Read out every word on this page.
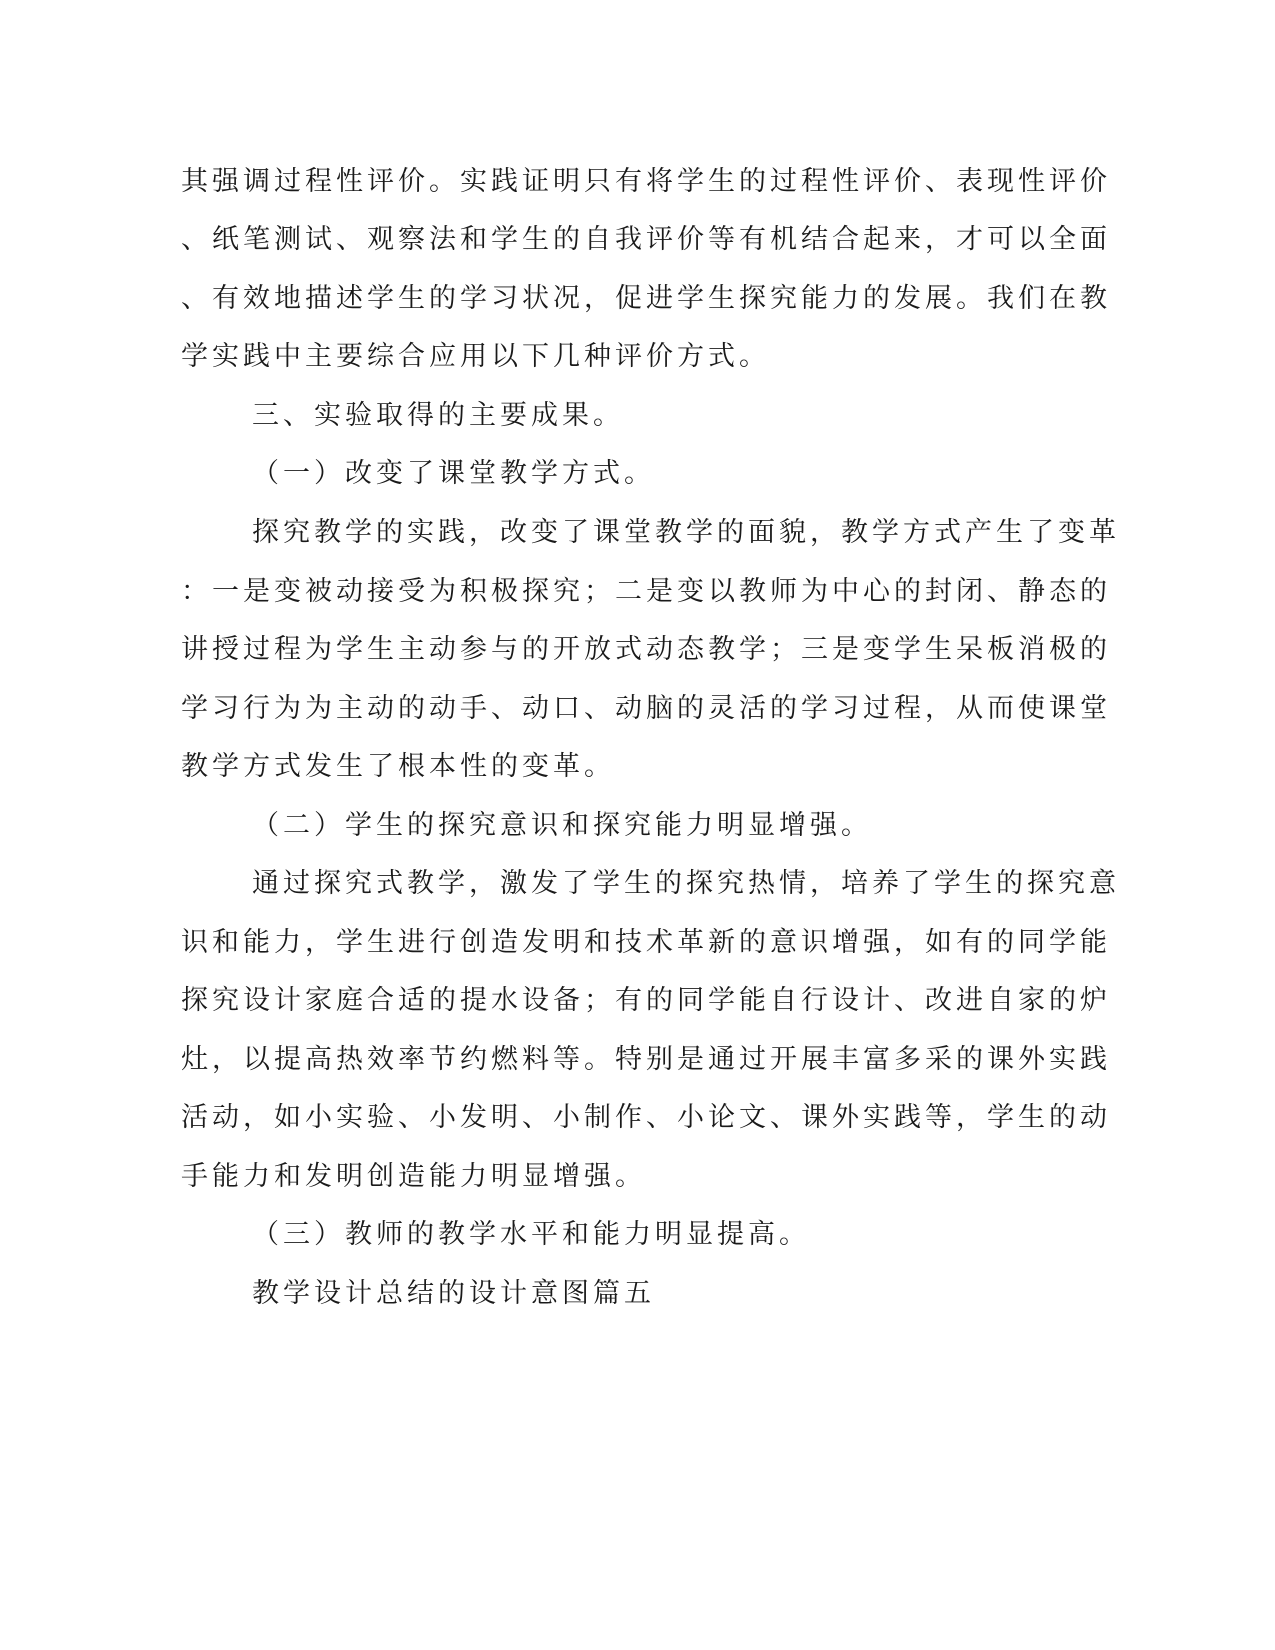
其强调过程性评价。实践证明只有将学生的过程性评价、表现性评价
、纸笔测试、观察法和学生的自我评价等有机结合起来，才可以全面
、有效地描述学生的学习状况，促进学生探究能力的发展。我们在教
学实践中主要综合应用以下几种评价方式。
三、实验取得的主要成果。
（一）改变了课堂教学方式。
探究教学的实践，改变了课堂教学的面貌，教学方式产生了变革
：一是变被动接受为积极探究；二是变以教师为中心的封闭、静态的
讲授过程为学生主动参与的开放式动态教学；三是变学生呆板消极的
学习行为为主动的动手、动口、动脑的灵活的学习过程，从而使课堂
教学方式发生了根本性的变革。
（二）学生的探究意识和探究能力明显增强。
通过探究式教学，激发了学生的探究热情，培养了学生的探究意
识和能力，学生进行创造发明和技术革新的意识增强，如有的同学能
探究设计家庭合适的提水设备；有的同学能自行设计、改进自家的炉
灶，以提高热效率节约燃料等。特别是通过开展丰富多采的课外实践
活动，如小实验、小发明、小制作、小论文、课外实践等，学生的动
手能力和发明创造能力明显增强。
（三）教师的教学水平和能力明显提高。
教学设计总结的设计意图篇五
